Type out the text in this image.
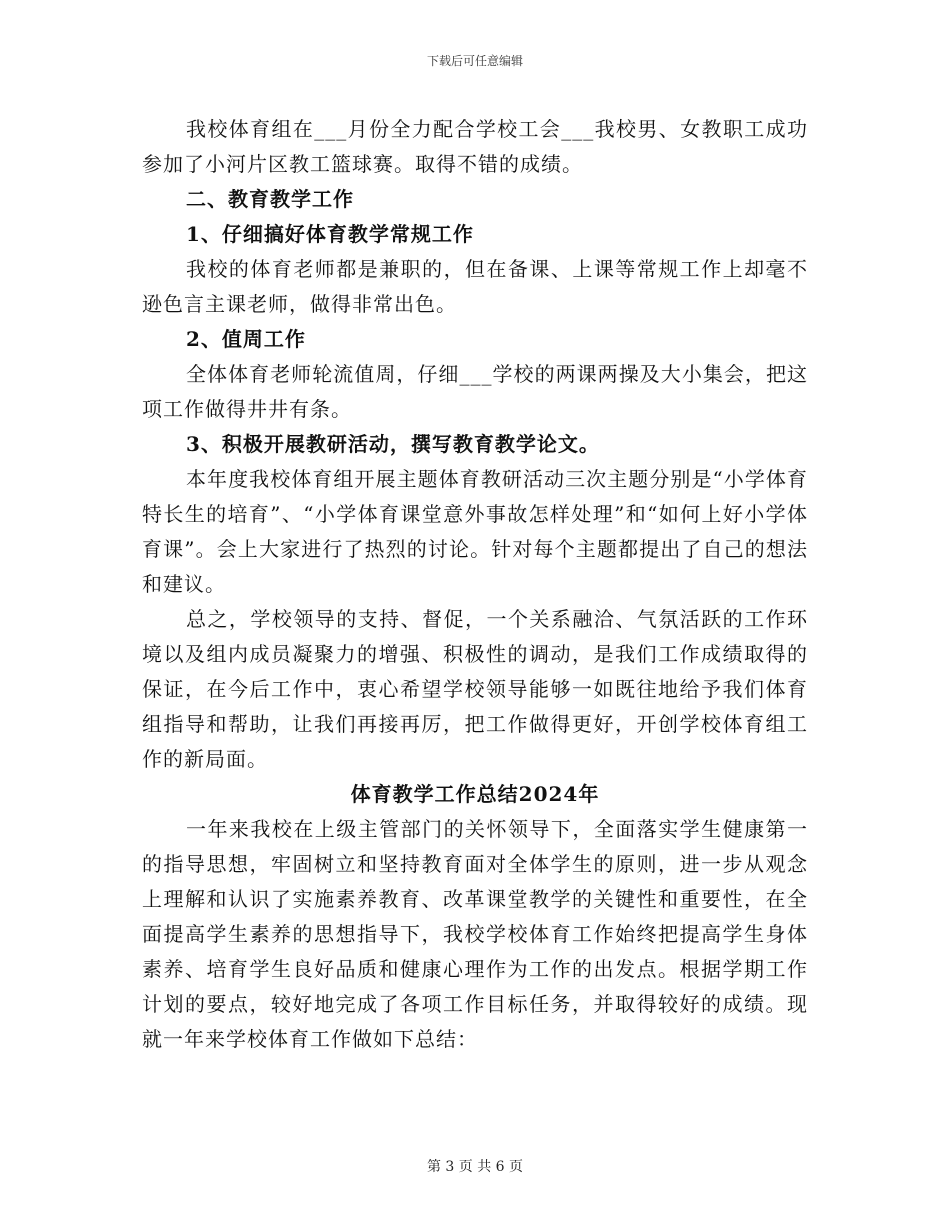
下载后可任意编辑

我校体育组在___月份全力配合学校工会___我校男、女教职工成功参加了小河片区教工篮球赛。取得不错的成绩。

二、教育教学工作

1、仔细搞好体育教学常规工作

我校的体育老师都是兼职的，但在备课、上课等常规工作上却毫不逊色言主课老师，做得非常出色。

2、值周工作

全体体育老师轮流值周，仔细___学校的两课两操及大小集会，把这项工作做得井井有条。

3、积极开展教研活动，撰写教育教学论文。

本年度我校体育组开展主题体育教研活动三次主题分别是“小学体育特长生的培育”、“小学体育课堂意外事故怎样处理”和“如何上好小学体育课”。会上大家进行了热烈的讨论。针对每个主题都提出了自己的想法和建议。

总之，学校领导的支持、督促，一个关系融洽、气氛活跃的工作环境以及组内成员凝聚力的增强、积极性的调动，是我们工作成绩取得的保证，在今后工作中，衷心希望学校领导能够一如既往地给予我们体育组指导和帮助，让我们再接再厉，把工作做得更好，开创学校体育组工作的新局面。

体育教学工作总结2024年

一年来我校在上级主管部门的关怀领导下，全面落实学生健康第一的指导思想，牢固树立和坚持教育面对全体学生的原则，进一步从观念上理解和认识了实施素养教育、改革课堂教学的关键性和重要性，在全面提高学生素养的思想指导下，我校学校体育工作始终把提高学生身体素养、培育学生良好品质和健康心理作为工作的出发点。根据学期工作计划的要点，较好地完成了各项工作目标任务，并取得较好的成绩。现就一年来学校体育工作做如下总结：

第 3 页 共 6 页
